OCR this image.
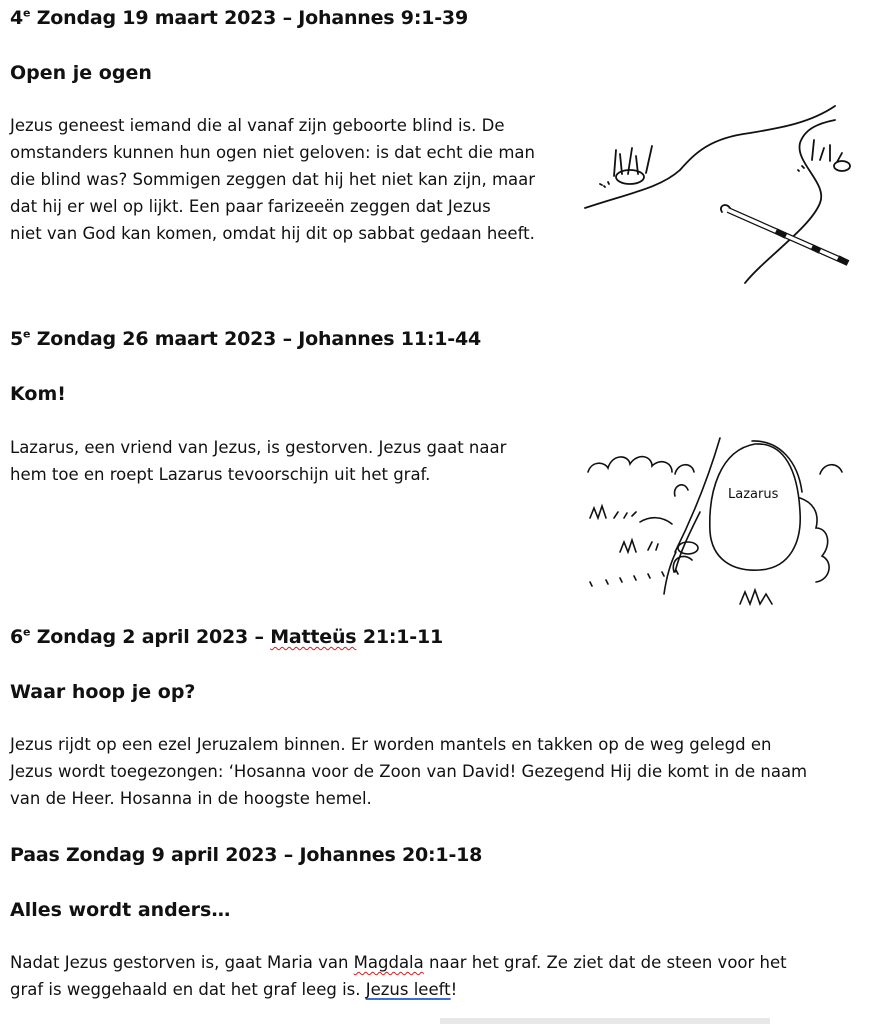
4e Zondag 19 maart 2023 – Johannes 9:1-39
Open je ogen
Jezus geneest iemand die al vanaf zijn geboorte blind is. De
omstanders kunnen hun ogen niet geloven: is dat echt die man
die blind was? Sommigen zeggen dat hij het niet kan zijn, maar
dat hij er wel op lijkt. Een paar farizeeën zeggen dat Jezus
niet van God kan komen, omdat hij dit op sabbat gedaan heeft.
5e Zondag 26 maart 2023 – Johannes 11:1-44
Kom!
Lazarus, een vriend van Jezus, is gestorven. Jezus gaat naar
hem toe en roept Lazarus tevoorschijn uit het graf.
Lazarus
6e Zondag 2 april 2023 – Matteüs 21:1-11
Waar hoop je op?
Jezus rijdt op een ezel Jeruzalem binnen. Er worden mantels en takken op de weg gelegd en
Jezus wordt toegezongen: ‘Hosanna voor de Zoon van David! Gezegend Hij die komt in de naam
van de Heer. Hosanna in de hoogste hemel.
Paas Zondag 9 april 2023 – Johannes 20:1-18
Alles wordt anders…
Nadat Jezus gestorven is, gaat Maria van Magdala naar het graf. Ze ziet dat de steen voor het
graf is weggehaald en dat het graf leeg is. Jezus leeft!
